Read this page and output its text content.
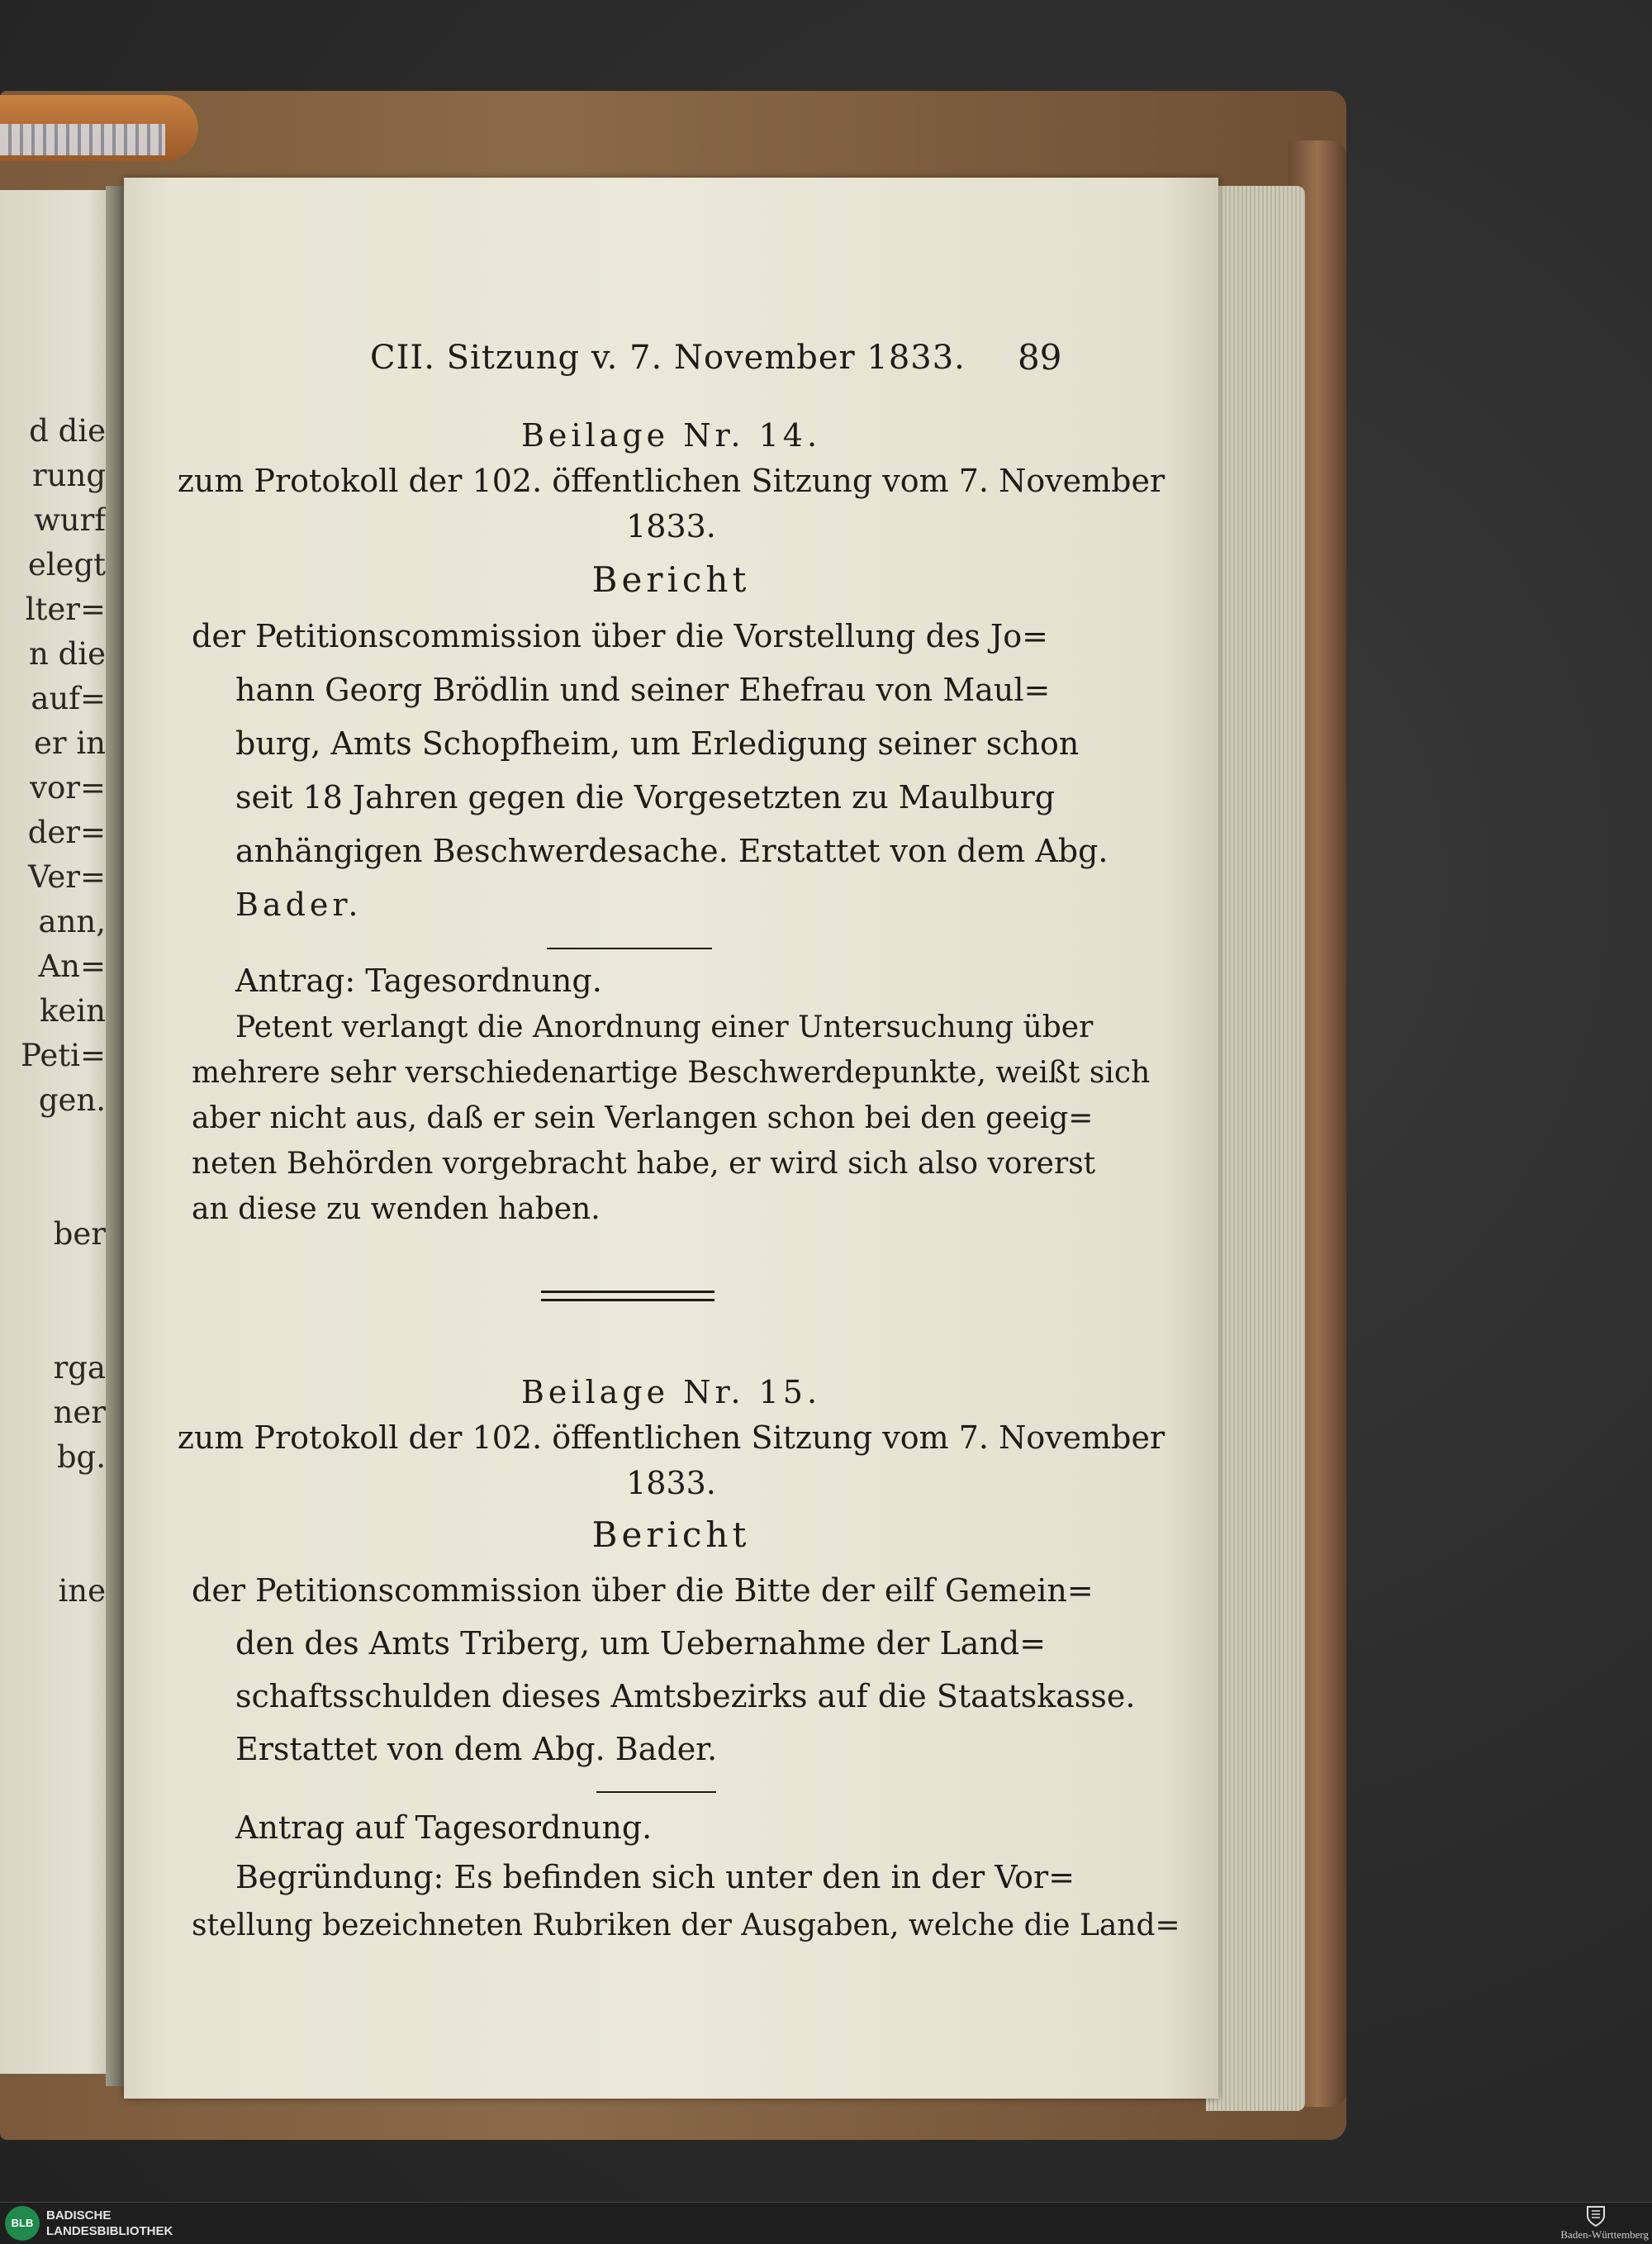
d die
rung
wurf
elegt
lter=
n die
auf=
er in
vor=
der=
Ver=
ann,
An=
kein
Peti=
gen.
ber
rga
ner
bg.
ine
CII. Sitzung v. 7. November 1833. 89
Beilage Nr. 14.
zum Protokoll der 102. öffentlichen Sitzung vom 7. November
1833.
Bericht
der Petitionscommission über die Vorstellung des Jo=
hann Georg Brödlin und seiner Ehefrau von Maul=
burg, Amts Schopfheim, um Erledigung seiner schon
seit 18 Jahren gegen die Vorgesetzten zu Maulburg
anhängigen Beschwerdesache. Erstattet von dem Abg.
Bader.
Antrag: Tagesordnung.
Petent verlangt die Anordnung einer Untersuchung über
mehrere sehr verschiedenartige Beschwerdepunkte, weißt sich
aber nicht aus, daß er sein Verlangen schon bei den geeig=
neten Behörden vorgebracht habe, er wird sich also vorerst
an diese zu wenden haben.
Beilage Nr. 15.
zum Protokoll der 102. öffentlichen Sitzung vom 7. November
1833.
Bericht
der Petitionscommission über die Bitte der eilf Gemein=
den des Amts Triberg, um Uebernahme der Land=
schaftsschulden dieses Amtsbezirks auf die Staatskasse.
Erstattet von dem Abg. Bader.
Antrag auf Tagesordnung.
Begründung: Es befinden sich unter den in der Vor=
stellung bezeichneten Rubriken der Ausgaben, welche die Land=
BLB
BADISCHE
LANDESBIBLIOTHEK	Baden-Württemberg
